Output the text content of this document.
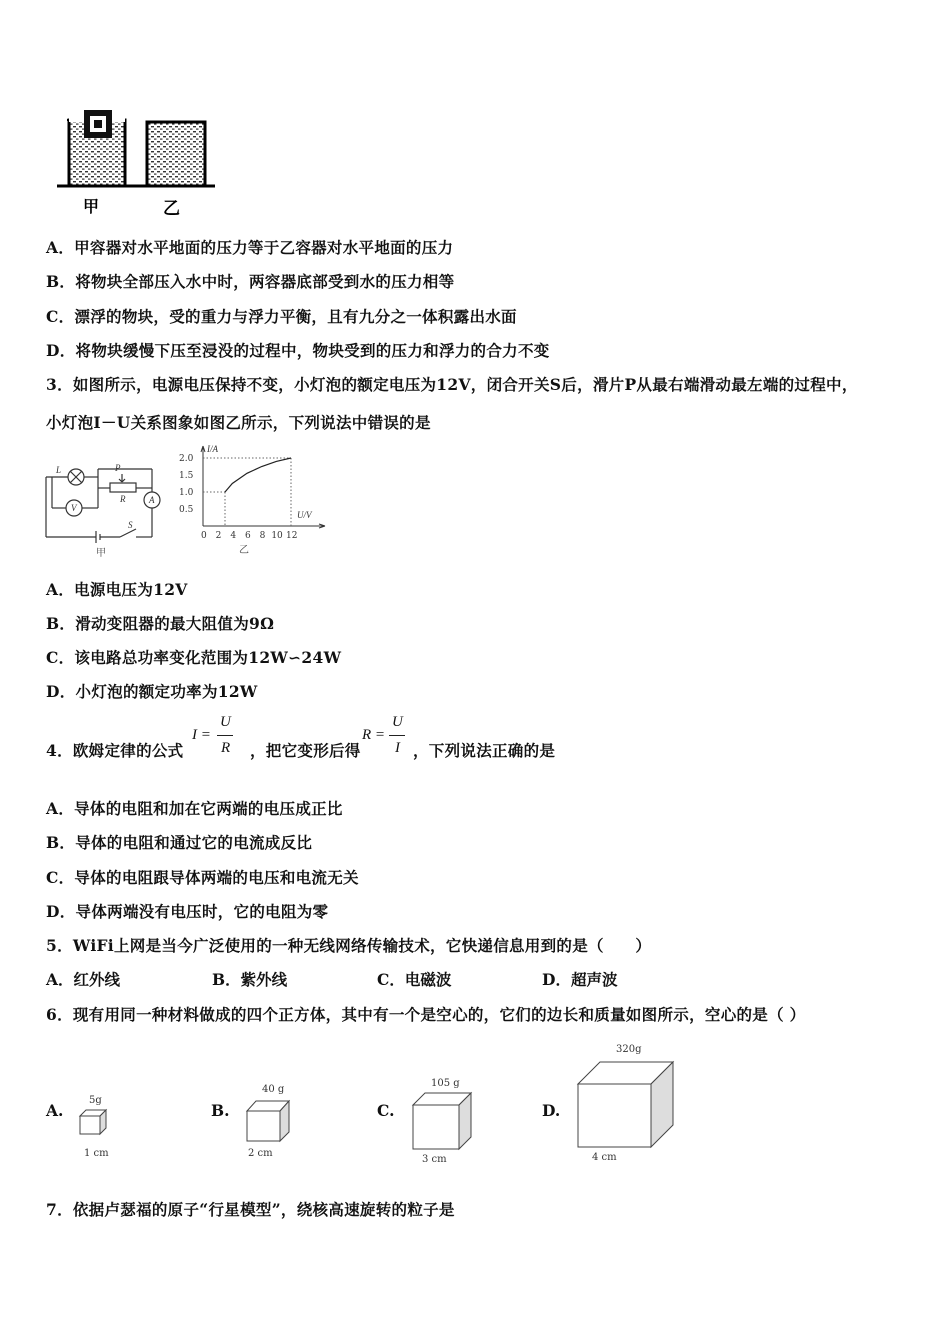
甲	乙
A．甲容器对水平地面的压力等于乙容器对水平地面的压力
B．将物块全部压入水中时，两容器底部受到水的压力相等
C．漂浮的物块，受的重力与浮力平衡，且有九分之一体积露出水面
D．将物块缓慢下压至浸没的过程中，物块受到的压力和浮力的合力不变
3．如图所示，电源电压保持不变，小灯泡的额定电压为12V，闭合开关S后，滑片P从最右端滑动最左端的过程中，
小灯泡I－U关系图象如图乙所示，下列说法中错误的是
L	P
R	A
V
S
甲
I/A
U/V
2.0
1.5
1.0
0.5
0 2 4 6 8 10 12
乙
A．电源电压为12V
B．滑动变阻器的最大阻值为9Ω
C．该电路总功率变化范围为12W∽24W
D．小灯泡的额定功率为12W
4．欧姆定律的公式
I =
U
R ，把它变形后得
R =
U
I ，下列说法正确的是
A．导体的电阻和加在它两端的电压成正比
B．导体的电阻和通过它的电流成反比
C．导体的电阻跟导体两端的电压和电流无关
D．导体两端没有电压时，它的电阻为零
5．WiFi上网是当今广泛使用的一种无线网络传输技术，它快递信息用到的是（　　）
A．红外线	B．紫外线	C．电磁波	D．超声波
6．现有用同一种材料做成的四个正方体，其中有一个是空心的，它们的边长和质量如图所示，空心的是（ ）
A.
5g
1 cm
B.
40 g
2 cm
C.
105 g
3 cm
D.
320g
4 cm
7．依据卢瑟福的原子“行星模型”，绕核高速旋转的粒子是
